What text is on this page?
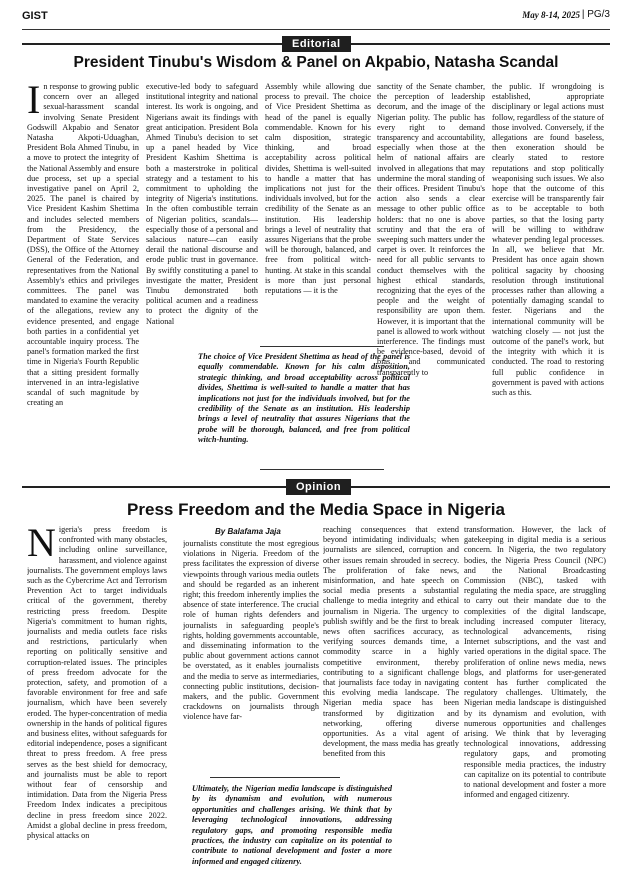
GIST	May 8-14, 2025 | PG/3
Editorial
President Tinubu's Wisdom & Panel on Akpabio, Natasha Scandal
I n response to growing public concern over an alleged sexual-harassment scandal involving Senate President Godswill Akpabio and Senator Natasha Akpoti-Uduaghan, President Bola Ahmed Tinubu, in a move to protect the integrity of the National Assembly and ensure due process, set up a special investigative panel on April 2, 2025. The panel is chaired by Vice President Kashim Shettima and includes selected members from the Presidency, the Department of State Services (DSS), the Office of the Attorney General of the Federation, and representatives from the National Assembly's ethics and privileges committees. The panel was mandated to examine the veracity of the allegations, review any evidence presented, and engage both parties in a confidential yet accountable inquiry process. The panel's formation marked the first time in Nigeria's Fourth Republic that a sitting president formally intervened in an intra-legislative scandal of such magnitude by creating an

executive-led body to safeguard institutional integrity and national interest. Its work is ongoing, and Nigerians await its findings with great anticipation. President Bola Ahmed Tinubu's decision to set up a panel headed by Vice President Kashim Shettima is both a masterstroke in political strategy and a testament to his commitment to upholding the integrity of Nigeria's institutions. In the often combustible terrain of Nigerian politics, scandals—especially those of a personal and salacious nature—can easily derail the national discourse and erode public trust in governance. By swiftly constituting a panel to investigate the matter, President Tinubu demonstrated both political acumen and a readiness to protect the dignity of the National

Assembly while allowing due process to prevail. The choice of Vice President Shettima as head of the panel is equally commendable. Known for his calm disposition, strategic thinking, and broad acceptability across political divides, Shettima is well-suited to handle a matter that has implications not just for the individuals involved, but for the credibility of the Senate as an institution. His leadership brings a level of neutrality that assures Nigerians that the probe will be thorough, balanced, and free from political witch-hunting. At stake in this scandal is more than just personal reputations — it is the

sanctity of the Senate chamber, the perception of leadership decorum, and the image of the Nigerian polity. The public has every right to demand transparency and accountability, especially when those at the helm of national affairs are involved in allegations that may undermine the moral standing of their offices. President Tinubu's action also sends a clear message to other public office holders: that no one is above scrutiny and that the era of sweeping such matters under the carpet is over. It reinforces the need for all public servants to conduct themselves with the highest ethical standards, recognizing that the eyes of the people and the weight of responsibility are upon them. However, it is important that the panel is allowed to work without interference. The findings must be evidence-based, devoid of bias, and communicated transparently to

the public. If wrongdoing is established, appropriate disciplinary or legal actions must follow, regardless of the stature of those involved. Conversely, if the allegations are found baseless, then exoneration should be clearly stated to restore reputations and stop politically weaponising such issues. We also hope that the outcome of this exercise will be transparently fair as to be acceptable to both parties, so that the losing party will be willing to withdraw whatever pending legal processes. In all, we believe that Mr. President has once again shown political sagacity by choosing resolution through institutional processes rather than allowing a potentially damaging scandal to fester. Nigerians and the international community will be watching closely — not just the outcome of the panel's work, but the integrity with which it is conducted. The road to restoring full public confidence in government is paved with actions such as this.

The choice of Vice President Shettima as head of the panel is equally commendable. Known for his calm disposition, strategic thinking, and broad acceptability across political divides, Shettima is well-suited to handle a matter that has implications not just for the individuals involved, but for the credibility of the Senate as an institution. His leadership brings a level of neutrality that assures Nigerians that the probe will be thorough, balanced, and free from political witch-hunting.
Opinion
Press Freedom and the Media Space in Nigeria
N igeria's press freedom is confronted with many obstacles, including online surveillance, harassment, and violence against journalists. The government employs laws such as the Cybercrime Act and Terrorism Prevention Act to target individuals critical of the government, thereby restricting press freedom. Despite Nigeria's commitment to human rights, journalists and media outlets face risks and restrictions, particularly when reporting on politically sensitive and corruption-related issues. The principles of press freedom advocate for the protection, safety, and promotion of a favorable environment for free and safe journalism, which have been severely eroded. The hyper-concentration of media ownership in the hands of political figures and business elites, without safeguards for editorial independence, poses a significant threat to press freedom. A free press serves as the best shield for democracy, and journalists must be able to report without fear of censorship and intimidation. Data from the Nigeria Press Freedom Index indicates a precipitous decline in press freedom since 2022. Amidst a global decline in press freedom, physical attacks on

By Balafama Jaja

journalists constitute the most egregious violations in Nigeria. Freedom of the press facilitates the expression of diverse viewpoints through various media outlets and should be regarded as an inherent right; this freedom inherently implies the absence of state interference. The crucial role of human rights defenders and journalists in safeguarding people's rights, holding governments accountable, and disseminating information to the public about government actions cannot be overstated, as it enables journalists and the media to serve as intermediaries, connecting public institutions, decision-makers, and the public. Government crackdowns on journalists through violence have far-

reaching consequences that extend beyond intimidating individuals; when journalists are silenced, corruption and other issues remain shrouded in secrecy. The proliferation of fake news, misinformation, and hate speech on social media presents a substantial challenge to media integrity and ethical journalism in Nigeria. The urgency to publish swiftly and be the first to break news often sacrifices accuracy, as verifying sources demands time, a commodity scarce in a highly competitive environment, thereby contributing to a significant challenge that journalists face today in navigating this evolving media landscape. The Nigerian media space has been transformed by digitization and networking, offering diverse opportunities. As a vital agent of development, the mass media has greatly benefited from this

transformation. However, the lack of gatekeeping in digital media is a serious concern. In Nigeria, the two regulatory bodies, the Nigeria Press Council (NPC) and the National Broadcasting Commission (NBC), tasked with regulating the media space, are struggling to carry out their mandate due to the complexities of the digital landscape, including increased computer literacy, technological advancements, rising Internet subscriptions, and the vast and varied operations in the digital space. The proliferation of online news media, news blogs, and platforms for user-generated content has further complicated the regulatory challenges. Ultimately, the Nigerian media landscape is distinguished by its dynamism and evolution, with numerous opportunities and challenges arising. We think that by leveraging technological innovations, addressing regulatory gaps, and promoting responsible media practices, the industry can capitalize on its potential to contribute to national development and foster a more informed and engaged citizenry.

Ultimately, the Nigerian media landscape is distinguished by its dynamism and evolution, with numerous opportunities and challenges arising. We think that by leveraging technological innovations, addressing regulatory gaps, and promoting responsible media practices, the industry can capitalize on its potential to contribute to national development and foster a more informed and engaged citizenry.
